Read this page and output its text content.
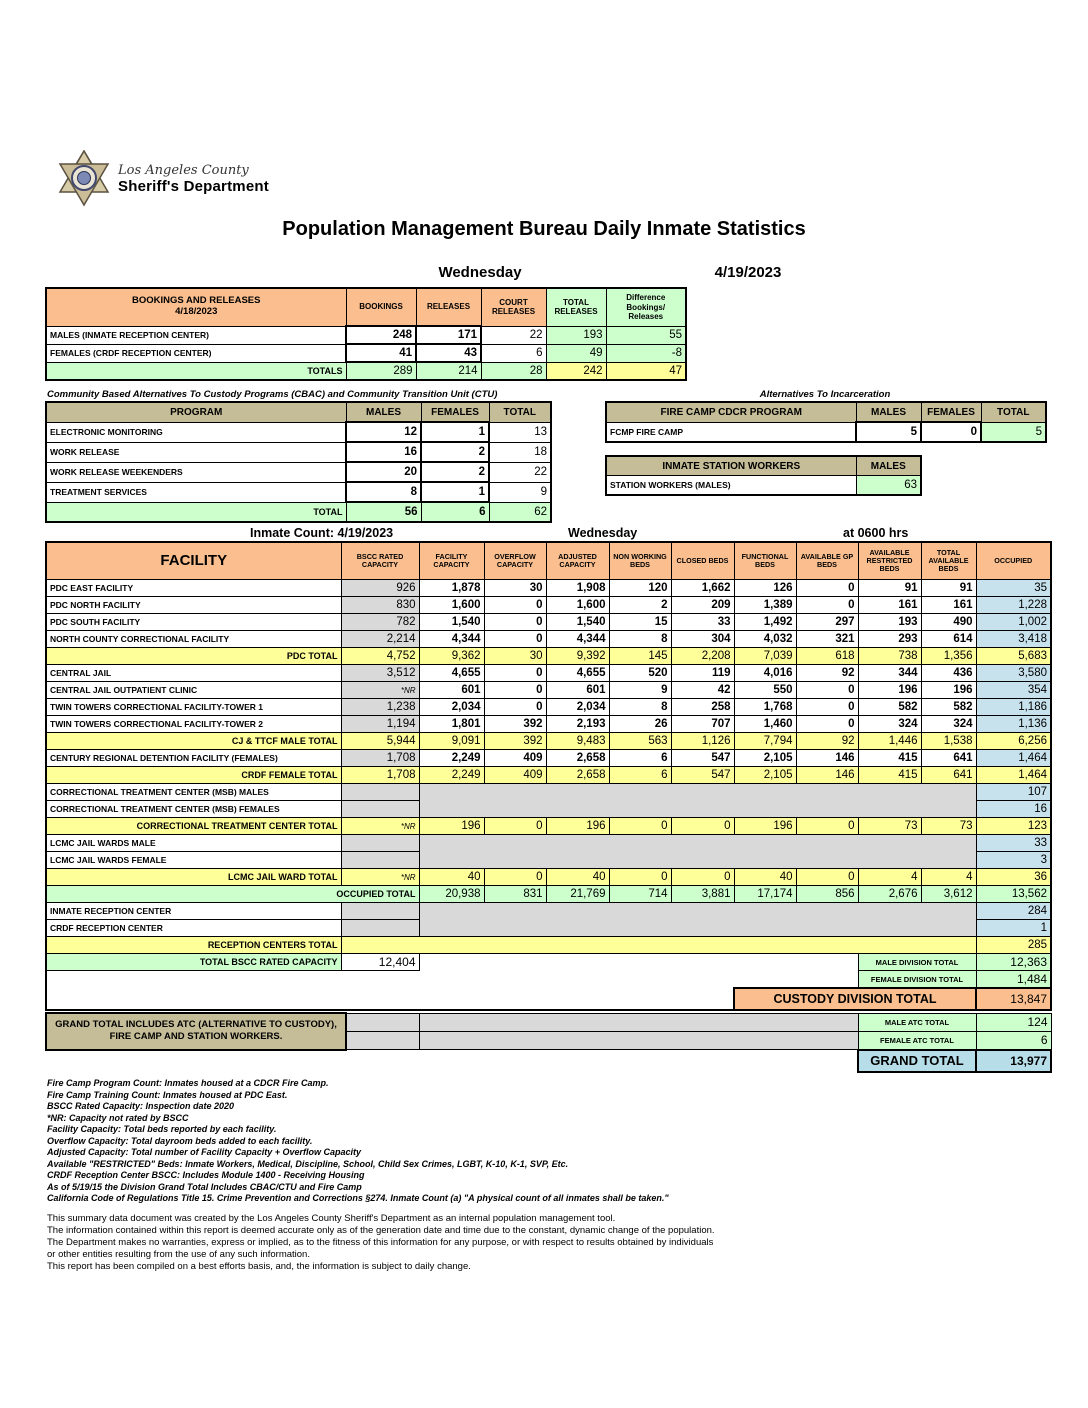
Los Angeles County
Sheriff's Department
Population Management Bureau Daily Inmate Statistics
Wednesday	4/19/2023
BOOKINGS AND RELEASES
4/18/2023	BOOKINGS	RELEASES	COURT RELEASES	TOTAL RELEASES	Difference Bookings/ Releases
MALES (INMATE RECEPTION CENTER)	248	171	22	193	55
FEMALES (CRDF RECEPTION CENTER)	41	43	6	49	-8
TOTALS	289	214	28	242	47
Community Based Alternatives To Custody Programs (CBAC) and Community Transition Unit (CTU)
PROGRAM	MALES	FEMALES	TOTAL
ELECTRONIC MONITORING	12	1	13
WORK RELEASE	16	2	18
WORK RELEASE WEEKENDERS	20	2	22
TREATMENT SERVICES	8	1	9
TOTAL	56	6	62
Alternatives To Incarceration
FIRE CAMP CDCR PROGRAM	MALES	FEMALES	TOTAL
FCMP FIRE CAMP	5	0	5
INMATE STATION WORKERS	MALES
STATION WORKERS (MALES)	63
Inmate Count: 4/19/2023	Wednesday	at 0600 hrs
FACILITY	BSCC RATED CAPACITY	FACILITY CAPACITY	OVERFLOW CAPACITY	ADJUSTED CAPACITY	NON WORKING BEDS	CLOSED BEDS	FUNCTIONAL BEDS	AVAILABLE GP BEDS	AVAILABLE RESTRICTED BEDS	TOTAL AVAILABLE BEDS	OCCUPIED
PDC EAST FACILITY	926	1,878	30	1,908	120	1,662	126	0	91	91	35
PDC NORTH FACILITY	830	1,600	0	1,600	2	209	1,389	0	161	161	1,228
PDC SOUTH FACILITY	782	1,540	0	1,540	15	33	1,492	297	193	490	1,002
NORTH COUNTY CORRECTIONAL FACILITY	2,214	4,344	0	4,344	8	304	4,032	321	293	614	3,418
PDC TOTAL	4,752	9,362	30	9,392	145	2,208	7,039	618	738	1,356	5,683
CENTRAL JAIL	3,512	4,655	0	4,655	520	119	4,016	92	344	436	3,580
CENTRAL JAIL OUTPATIENT CLINIC	*NR	601	0	601	9	42	550	0	196	196	354
TWIN TOWERS CORRECTIONAL FACILITY-TOWER 1	1,238	2,034	0	2,034	8	258	1,768	0	582	582	1,186
TWIN TOWERS CORRECTIONAL FACILITY-TOWER 2	1,194	1,801	392	2,193	26	707	1,460	0	324	324	1,136
CJ & TTCF MALE TOTAL	5,944	9,091	392	9,483	563	1,126	7,794	92	1,446	1,538	6,256
CENTURY REGIONAL DETENTION FACILITY (FEMALES)	1,708	2,249	409	2,658	6	547	2,105	146	415	641	1,464
CRDF FEMALE TOTAL	1,708	2,249	409	2,658	6	547	2,105	146	415	641	1,464
CORRECTIONAL TREATMENT CENTER (MSB) MALES											107
CORRECTIONAL TREATMENT CENTER (MSB) FEMALES											16
CORRECTIONAL TREATMENT CENTER TOTAL	*NR	196	0	196	0	0	196	0	73	73	123
LCMC JAIL WARDS MALE											33
LCMC JAIL WARDS FEMALE											3
LCMC JAIL WARD TOTAL	*NR	40	0	40	0	0	40	0	4	4	36
OCCUPIED TOTAL		20,938	831	21,769	714	3,881	17,174	856	2,676	3,612	13,562
INMATE RECEPTION CENTER											284
CRDF RECEPTION CENTER											1
RECEPTION CENTERS TOTAL											285
TOTAL BSCC RATED CAPACITY	12,404								MALE DIVISION TOTAL		12,363
									FEMALE DIVISION TOTAL		1,484
							CUSTODY DIVISION TOTAL				13,847
GRAND TOTAL INCLUDES ATC (ALTERNATIVE TO CUSTODY), FIRE CAMP AND STATION WORKERS.			MALE ATC TOTAL	124
			FEMALE ATC TOTAL	6
			GRAND TOTAL	13,977
Fire Camp Program Count: Inmates housed at a CDCR Fire Camp.
Fire Camp Training Count: Inmates housed at PDC East.
BSCC Rated Capacity: Inspection date 2020
*NR: Capacity not rated by BSCC
Facility Capacity: Total beds reported by each facility.
Overflow Capacity: Total dayroom beds added to each facility.
Adjusted Capacity: Total number of Facility Capacity + Overflow Capacity
Available "RESTRICTED" Beds: Inmate Workers, Medical, Discipline, School, Child Sex Crimes, LGBT, K-10, K-1, SVP, Etc.
CRDF Reception Center BSCC: Includes Module 1400 - Receiving Housing
As of 5/19/15 the Division Grand Total Includes CBAC/CTU and Fire Camp
California Code of Regulations Title 15. Crime Prevention and Corrections §274. Inmate Count (a) "A physical count of all inmates shall be taken."
This summary data document was created by the Los Angeles County Sheriff's Department as an internal population management tool.
The information contained within this report is deemed accurate only as of the generation date and time due to the constant, dynamic change of the population.
The Department makes no warranties, express or implied, as to the fitness of this information for any purpose, or with respect to results obtained by individuals
or other entities resulting from the use of any such information.
This report has been compiled on a best efforts basis, and, the information is subject to daily change.
